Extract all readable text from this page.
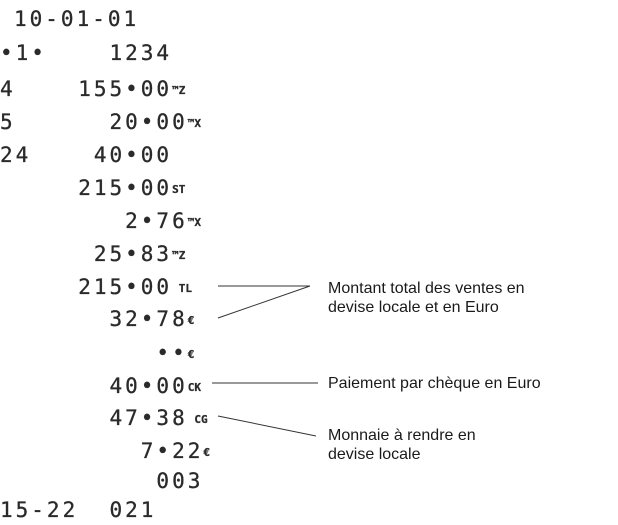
10-01-01
•1•    1234
4    155•00™Z
5      20•00™X
24    40•00
215•00ST
2•76™X
25•83™Z
215•00 TL
32•78€
••€
40•00CK
47•38 CG
7•22€
003
15-22  021
Montant total des ventes en
devise locale et en Euro
Paiement par chèque en Euro
Monnaie à rendre en
devise locale
